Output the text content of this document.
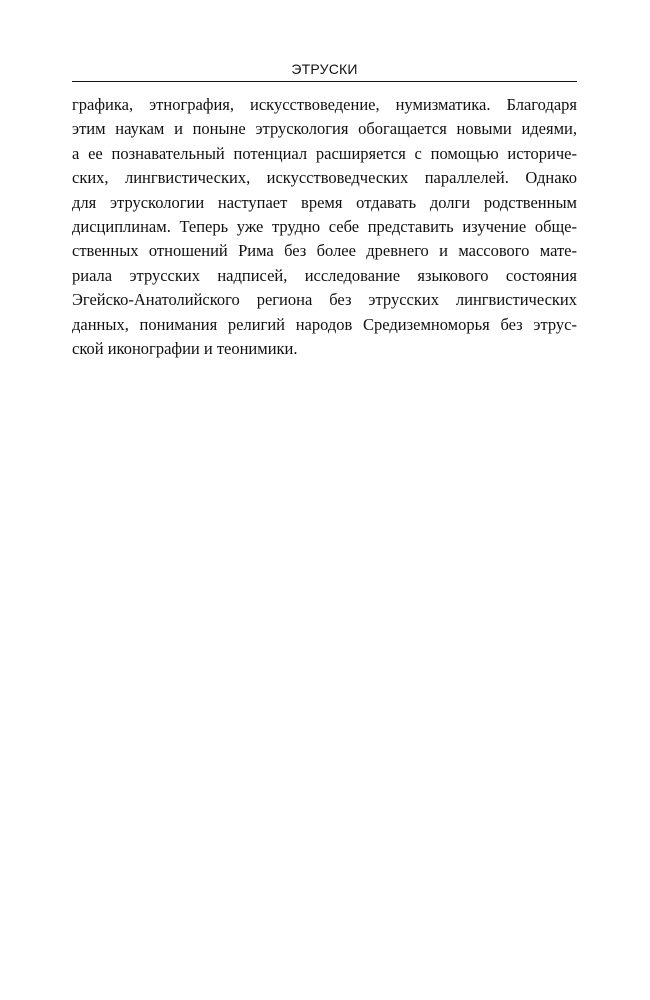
ЭТРУСКИ
графика, этнография, искусствоведение, нумизматика. Благодаря
этим наукам и поныне этрускология обогащается новыми идеями,
а ее познавательный потенциал расширяется с помощью историче-
ских, лингвистических, искусствоведческих параллелей. Однако
для этрускологии наступает время отдавать долги родственным
дисциплинам. Теперь уже трудно себе представить изучение обще-
ственных отношений Рима без более древнего и массового мате-
риала этрусских надписей, исследование языкового состояния
Эгейско-Анатолийского региона без этрусских лингвистических
данных, понимания религий народов Средиземноморья без этрус-
ской иконографии и теонимики.
